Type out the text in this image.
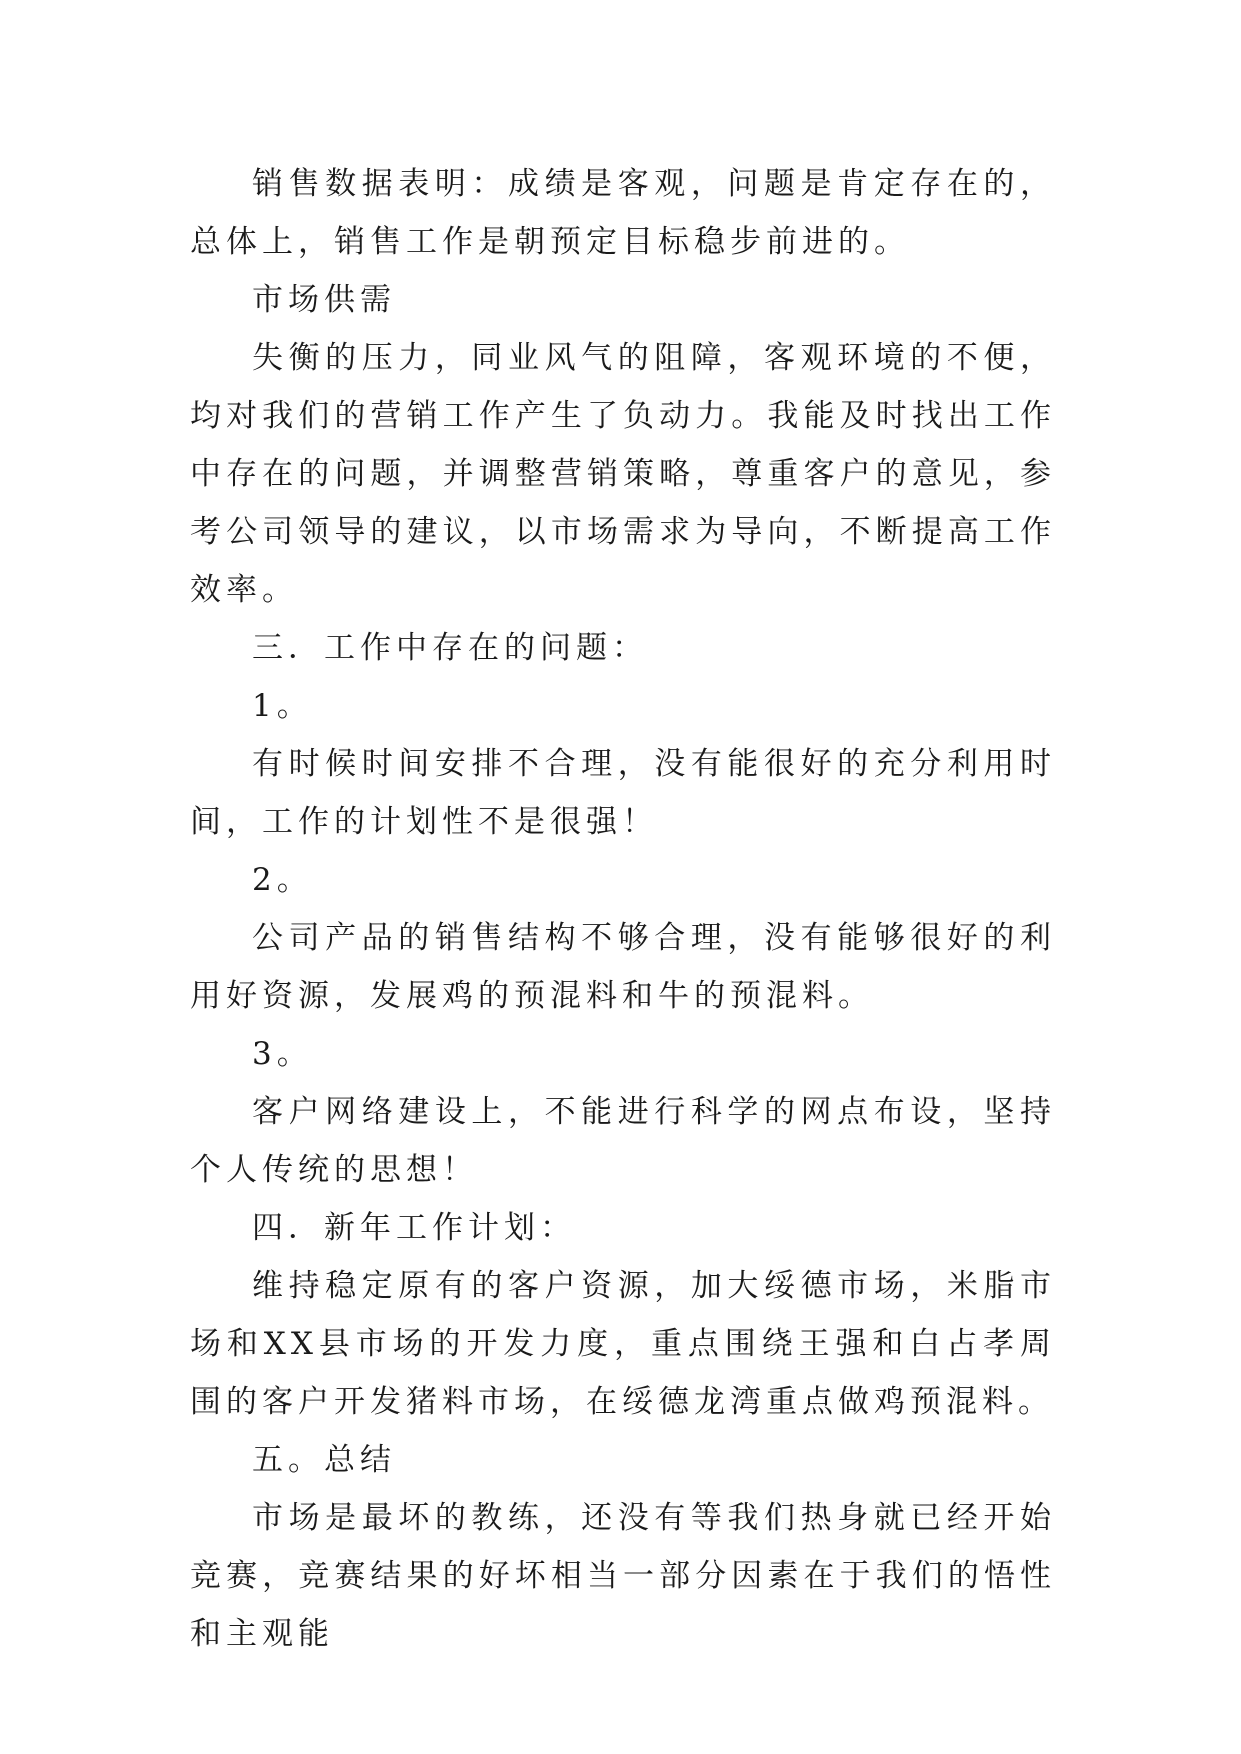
销售数据表明：成绩是客观，问题是肯定存在的，总体上，销售工作是朝预定目标稳步前进的。

市场供需

失衡的压力，同业风气的阻障，客观环境的不便，均对我们的营销工作产生了负动力。我能及时找出工作中存在的问题，并调整营销策略，尊重客户的意见，参考公司领导的建议，以市场需求为导向，不断提高工作效率。

三．工作中存在的问题：

1。

有时候时间安排不合理，没有能很好的充分利用时间，工作的计划性不是很强！

2。

公司产品的销售结构不够合理，没有能够很好的利用好资源，发展鸡的预混料和牛的预混料。

3。

客户网络建设上，不能进行科学的网点布设，坚持个人传统的思想！

四．新年工作计划：

维持稳定原有的客户资源，加大绥德市场，米脂市场和XX县市场的开发力度，重点围绕王强和白占孝周围的客户开发猪料市场，在绥德龙湾重点做鸡预混料。

五。总结

市场是最坏的教练，还没有等我们热身就已经开始竞赛，竞赛结果的好坏相当一部分因素在于我们的悟性和主观能
